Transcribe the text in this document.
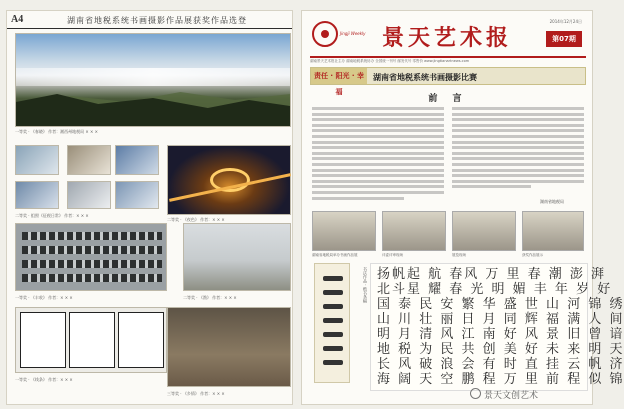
A4	湖南省地税系统书画摄影作品展获奖作品选登
一等奖 · 《春晓》 作者：湘西州地税局 × × ×
二等奖 · 组照《征税日常》 作者：× × ×
二等奖 · 《夜色》 作者：× × ×
一等奖 · 《丰收》 作者：× × ×	二等奖 · 《渔》 作者：× × ×
一等奖 · 《线条》 作者：× × ×
三等奖 · 《乡情》 作者：× × ×
Jingji Weekly 景天艺术报
2014年12月24日
第07期
湖南景天艺术报社主办 湖南地税系统协办 全国统一刊号 邮发代号 零售价 www.jingtianartnews.com
责任 · 阳光 · 幸福
湖南省地税系统书画摄影比赛
前 言
湖南省地税局
湖南省地税局举办书画作品展	评委评审现场	展览现场	获奖作品展示
书法作品 · 楷书条幅 扬帆起 航 春风 万 里 春 潮 澎 湃
北斗星 耀 春 光 明 媚 丰 年 岁 好
国 泰 民 安 繁 华 盛 世 山 河 锦 绣
山 川 壮 丽 日 月 同 辉 福 满 人 间
明 月 清 风 江 南 好 风 景 旧 曾 谙
地 税 为 民 共 创 美 好 未 来 明 天
长 风 破 浪 会 有 时 直 挂 云 帆 济
海 阔 天 空 鹏 程 万 里 前 程 似 锦
景天文创艺术
